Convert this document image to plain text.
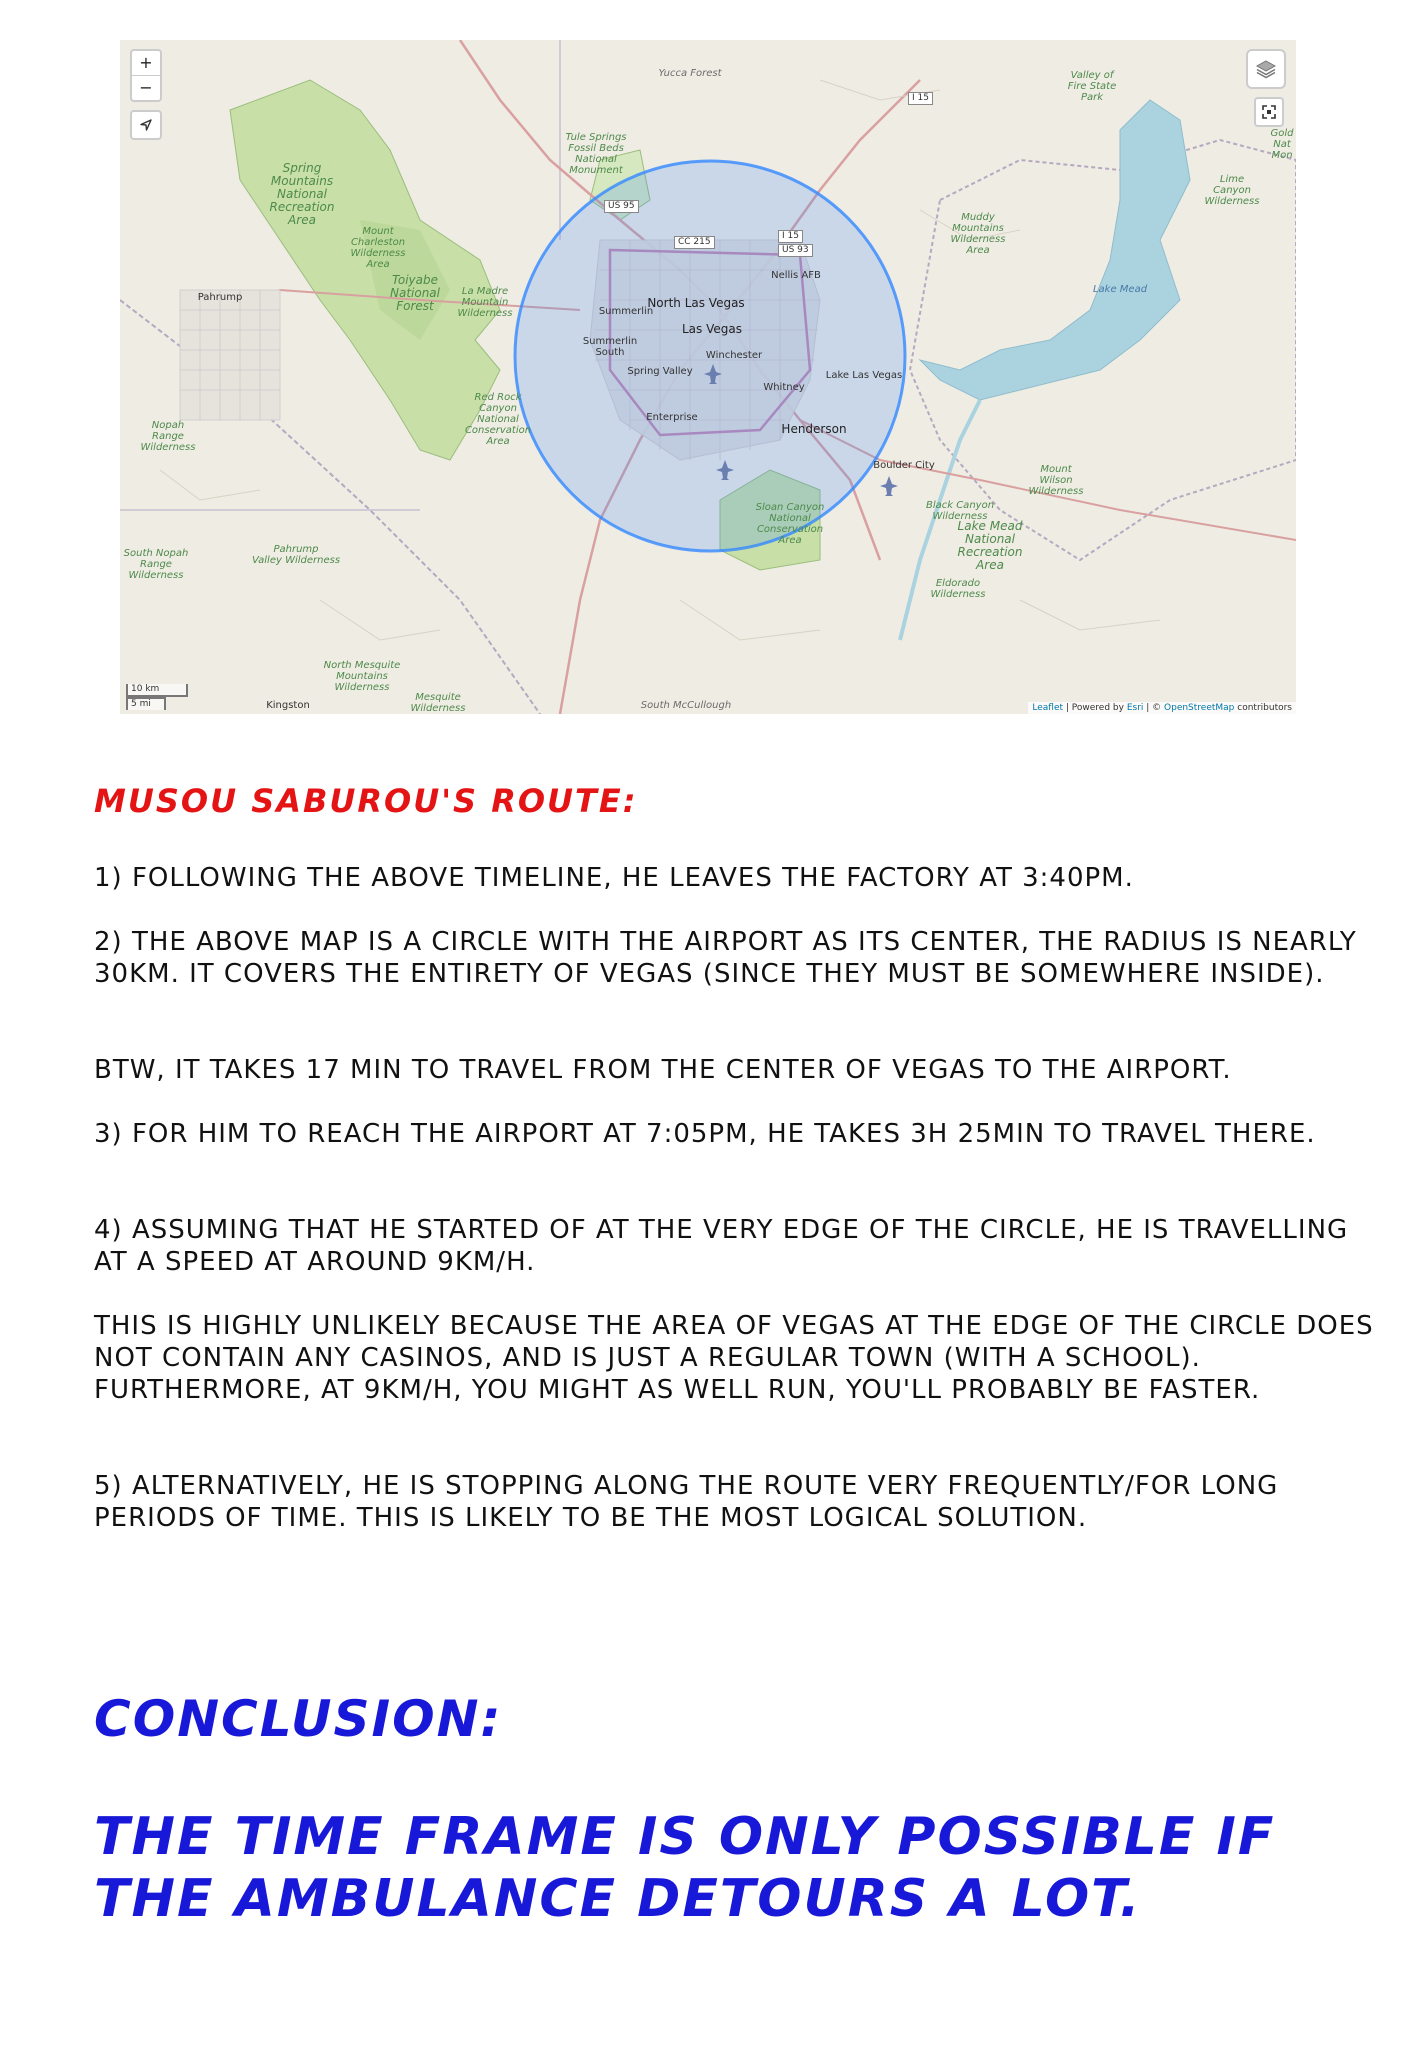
Yucca Forest
Spring
Mountains
National
Recreation
Area
Mount
Charleston
Wilderness
Area
Toiyabe
National
Forest
La Madre
Mountain
Wilderness
Tule Springs
Fossil Beds
National
Monument
Valley of
Fire State
Park
Muddy
Mountains
Wilderness
Area
Lime Canyon
Wilderness
Gold
Nat
Mon
Lake Mead
Red Rock
Canyon
National
Conservation
Area
Nopah
Range
Wilderness
South Nopah
Range
Wilderness
Pahrump
Valley Wilderness
North Mesquite
Mountains
Wilderness
Mesquite
Wilderness
Sloan Canyon
National
Conservation
Area
Black Canyon
Wilderness
Lake Mead
National
Recreation
Area
Mount
Wilson
Wilderness
Eldorado
Wilderness
South McCullough
Pahrump	North Las Vegas
Las Vegas
Summerlin
Summerlin
South	Winchester
Spring Valley
Whitney
Lake Las Vegas
Enterprise
Henderson
Boulder City
Nellis AFB
Kingston
US 95
CC 215
I 15
I 15
US 93
+
−
10 km
5 mi	Leaflet | Powered by Esri | © OpenStreetMap contributors
MUSOU SABUROU'S ROUTE:

1) FOLLOWING THE ABOVE TIMELINE, HE LEAVES THE FACTORY AT 3:40PM.

2) THE ABOVE MAP IS A CIRCLE WITH THE AIRPORT AS ITS CENTER, THE RADIUS IS NEARLY 30KM. IT COVERS THE ENTIRETY OF VEGAS (SINCE THEY MUST BE SOMEWHERE INSIDE).

BTW, IT TAKES 17 MIN TO TRAVEL FROM THE CENTER OF VEGAS TO THE AIRPORT.

3) FOR HIM TO REACH THE AIRPORT AT 7:05PM, HE TAKES 3H 25MIN TO TRAVEL THERE.

4) ASSUMING THAT HE STARTED OF AT THE VERY EDGE OF THE CIRCLE, HE IS TRAVELLING AT A SPEED AT AROUND 9KM/H.

THIS IS HIGHLY UNLIKELY BECAUSE THE AREA OF VEGAS AT THE EDGE OF THE CIRCLE DOES NOT CONTAIN ANY CASINOS, AND IS JUST A REGULAR TOWN (WITH A SCHOOL). FURTHERMORE, AT 9KM/H, YOU MIGHT AS WELL RUN, YOU'LL PROBABLY BE FASTER.

5) ALTERNATIVELY, HE IS STOPPING ALONG THE ROUTE VERY FREQUENTLY/FOR LONG PERIODS OF TIME. THIS IS LIKELY TO BE THE MOST LOGICAL SOLUTION.

CONCLUSION:

THE TIME FRAME IS ONLY POSSIBLE IF THE AMBULANCE DETOURS A LOT.
